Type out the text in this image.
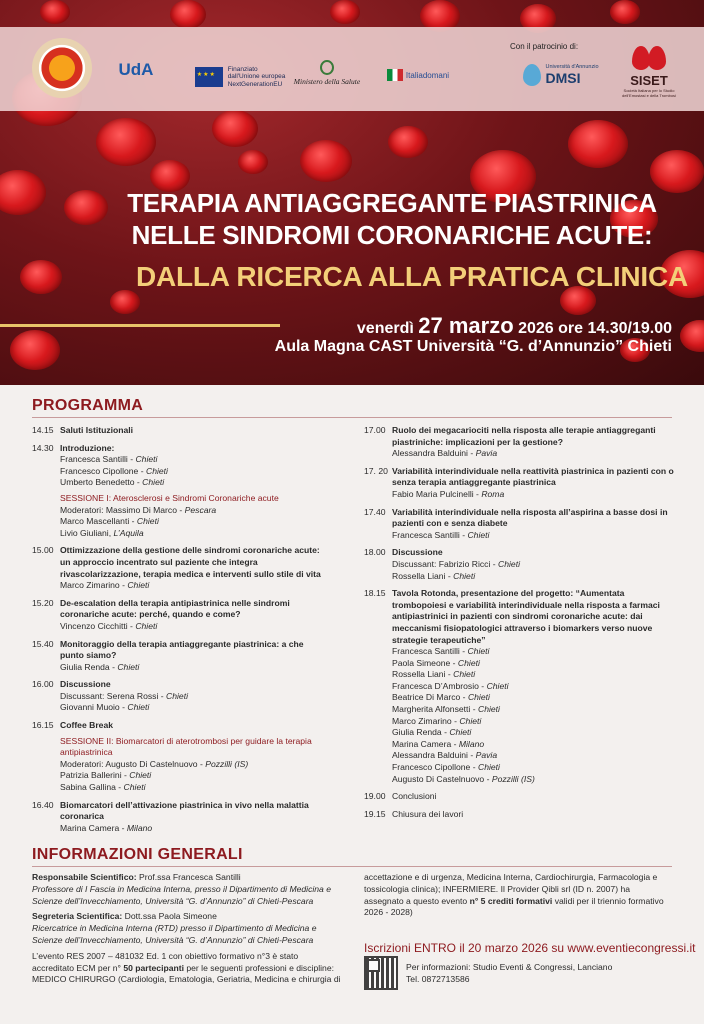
UdA
★★★	Finanziato
dall'Unione europea
NextGenerationEU	Ministero della Salute
Italiadomani
Con il patrocinio di:
Università d'Annunzio
DMSI	SISET
Società Italiana per lo Studio dell'Emostasi e della Trombosi
TERAPIA ANTIAGGREGANTE PIASTRINICA
NELLE SINDROMI CORONARICHE ACUTE:
DALLA RICERCA ALLA PRATICA CLINICA
venerdì 27 marzo 2026 ore 14.30/19.00
Aula Magna CAST Università “G. d’Annunzio” Chieti
PROGRAMMA
14.15 Saluti Istituzionali
14.30 Introduzione:
Francesca Santilli - Chieti
Francesco Cipollone - Chieti
Umberto Benedetto - Chieti
SESSIONE I: Aterosclerosi e Sindromi Coronariche acute
Moderatori: Massimo Di Marco - Pescara
Marco Mascellanti - Chieti
Livio Giuliani, L’Aquila
15.00 Ottimizzazione della gestione delle sindromi coronariche acute: un approccio incentrato sul paziente che integra rivascolarizzazione, terapia medica e interventi sullo stile di vita
Marco Zimarino - Chieti
15.20 De-escalation della terapia antipiastrinica nelle sindromi coronariche acute: perché, quando e come?
Vincenzo Cicchitti - Chieti
15.40 Monitoraggio della terapia antiaggregante piastrinica: a che punto siamo?
Giulia Renda - Chieti
16.00 Discussione
Discussant: Serena Rossi - Chieti
Giovanni Muoio - Chieti
16.15 Coffee Break
SESSIONE II: Biomarcatori di aterotrombosi per guidare la terapia antipiastrinica
Moderatori: Augusto Di Castelnuovo - Pozzilli (IS)
Patrizia Ballerini - Chieti
Sabina Gallina - Chieti
16.40 Biomarcatori dell’attivazione piastrinica in vivo nella malattia coronarica
Marina Camera - Milano
17.00 Ruolo dei megacariociti nella risposta alle terapie antiaggreganti piastriniche: implicazioni per la gestione?
Alessandra Balduini - Pavia
17. 20 Variabilità interindividuale nella reattività piastrinica in pazienti con o senza terapia antiaggregante piastrinica
Fabio Maria Pulcinelli - Roma
17.40 Variabilità interindividuale nella risposta all’aspirina a basse dosi in pazienti con e senza diabete
Francesca Santilli - Chieti
18.00 Discussione
Discussant: Fabrizio Ricci - Chieti
Rossella Liani - Chieti
18.15 Tavola Rotonda, presentazione del progetto: “Aumentata trombopoiesi e variabilità interindividuale nella risposta a farmaci antipiastrinici in pazienti con sindromi coronariche acute: dai meccanismi fisiopatologici attraverso i biomarkers verso nuove strategie terapeutiche”
Francesca Santilli - Chieti
Paola Simeone - Chieti
Rossella Liani - Chieti
Francesca D’Ambrosio - Chieti
Beatrice Di Marco - Chieti
Margherita Alfonsetti - Chieti
Marco Zimarino - Chieti
Giulia Renda - Chieti
Marina Camera - Milano
Alessandra Balduini - Pavia
Francesco Cipollone - Chieti
Augusto Di Castelnuovo - Pozzilli (IS)
19.00 Conclusioni
19.15 Chiusura dei lavori
INFORMAZIONI GENERALI
Responsabile Scientifico: Prof.ssa Francesca Santilli
Professore di I Fascia in Medicina Interna, presso il Dipartimento di Medicina e Scienze dell’Invecchiamento, Università “G. d’Annunzio” di Chieti-Pescara
Segreteria Scientifica: Dott.ssa Paola Simeone
Ricercatrice in Medicina Interna (RTD) presso il Dipartimento di Medicina e Scienze dell’Invecchiamento, Università “G. d’Annunzio” di Chieti-Pescara
L’evento RES 2007 – 481032 Ed. 1 con obiettivo formativo n°3 è stato accreditato ECM per n° 50 partecipanti per le seguenti professioni e discipline: MEDICO CHIRURGO (Cardiologia, Ematologia, Geriatria, Medicina e chirurgia di
accettazione e di urgenza, Medicina Interna, Cardiochirurgia, Farmacologia e tossicologia clinica); INFERMIERE. Il Provider Qibli srl (ID n. 2007) ha assegnato a questo evento n° 5 crediti formativi validi per il triennio formativo 2026 - 2028)
Iscrizioni ENTRO il 20 marzo 2026 su www.eventiecongressi.it
Per informazioni: Studio Eventi & Congressi, Lanciano
Tel. 0872713586
